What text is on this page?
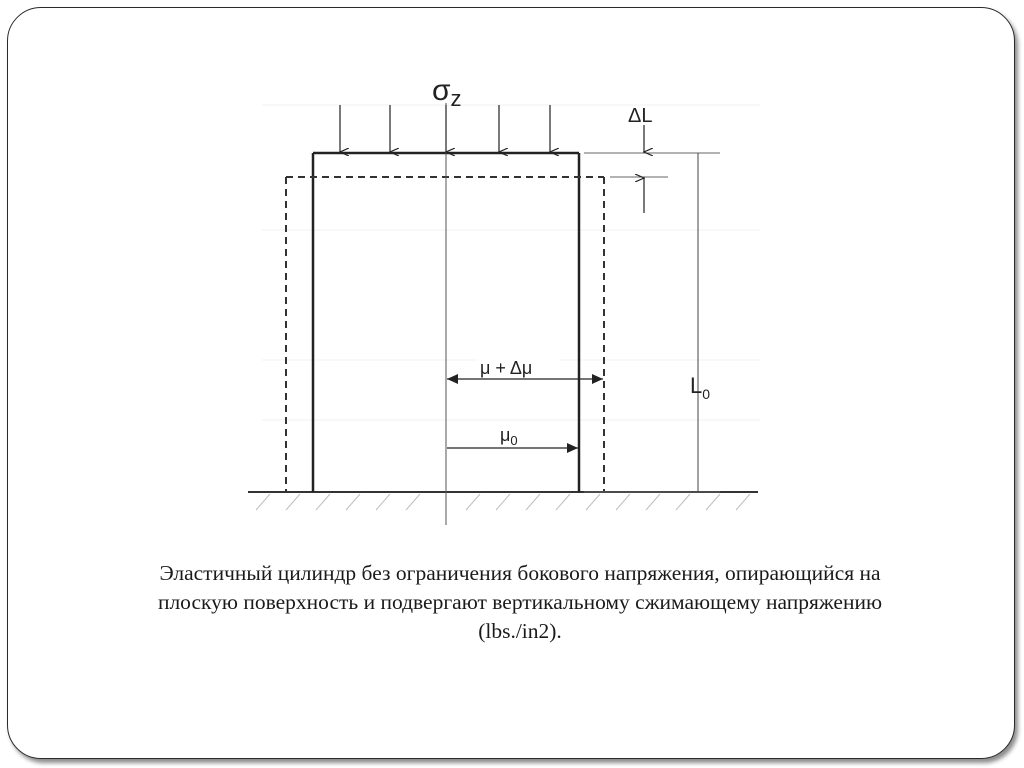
$\sigma_z$
ΔL
$L_0$
μ + Δμ
$\mu_0$
Эластичный цилиндр без ограничения бокового напряжения, опирающийся на
плоскую поверхность и подвергают вертикальному сжимающему напряжению
(lbs./in2).
